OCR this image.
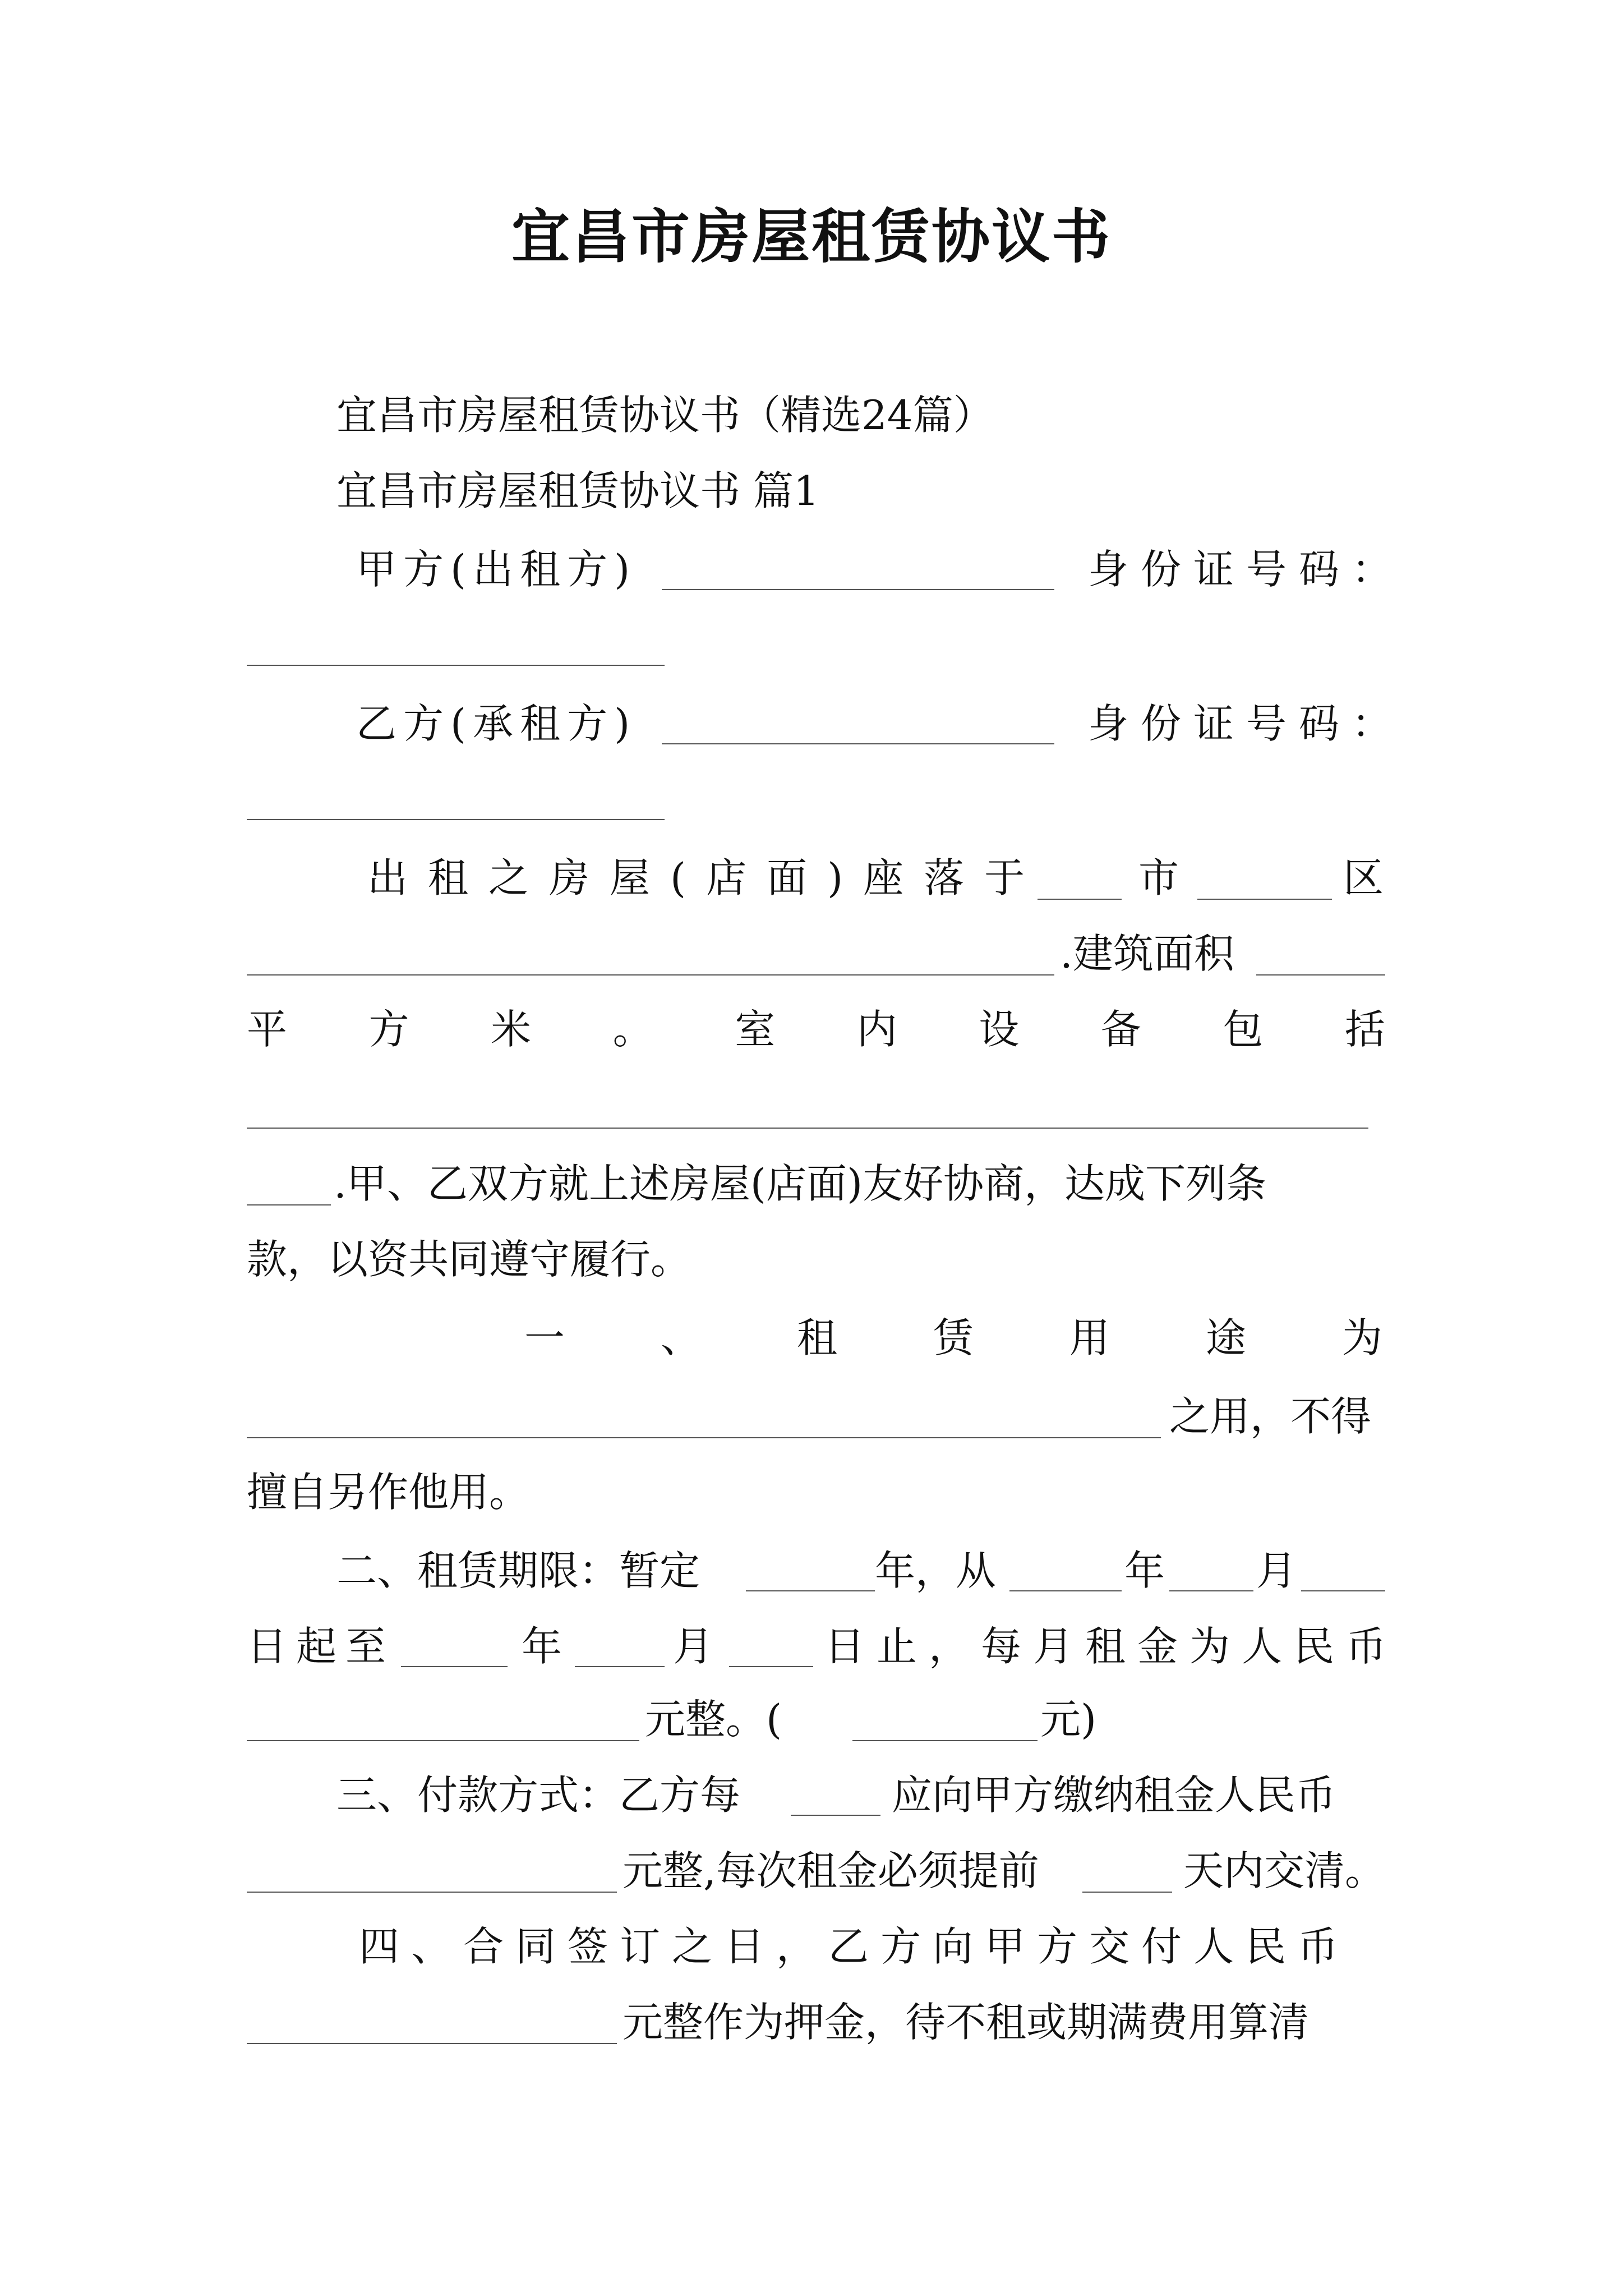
宜昌市房屋租赁协议书
宜昌市房屋租赁协议书（精选24篇）
宜昌市房屋租赁协议书 篇1
甲方(出租方)	身份证号码：
乙方(承租方)	身份证号码：
出租之房屋(店面)座落于	市	区
.建筑面积
平 方 米 。 室 内 设 备 包 括
.甲、乙双方就上述房屋(店面)友好协商，达成下列条
款，以资共同遵守履行。
一 、 租 赁 用 途 为
之用，不得
擅自另作他用。
二、租赁期限：暂定	年，从	年	月
日起至	年	月	日止，每月租金为人民币
元整。(	元)
三、付款方式：乙方每	应向甲方缴纳租金人民币
元整,每次租金必须提前	天内交清。
四、合同签订之日，乙方向甲方交付人民币
元整作为押金，待不租或期满费用算清
